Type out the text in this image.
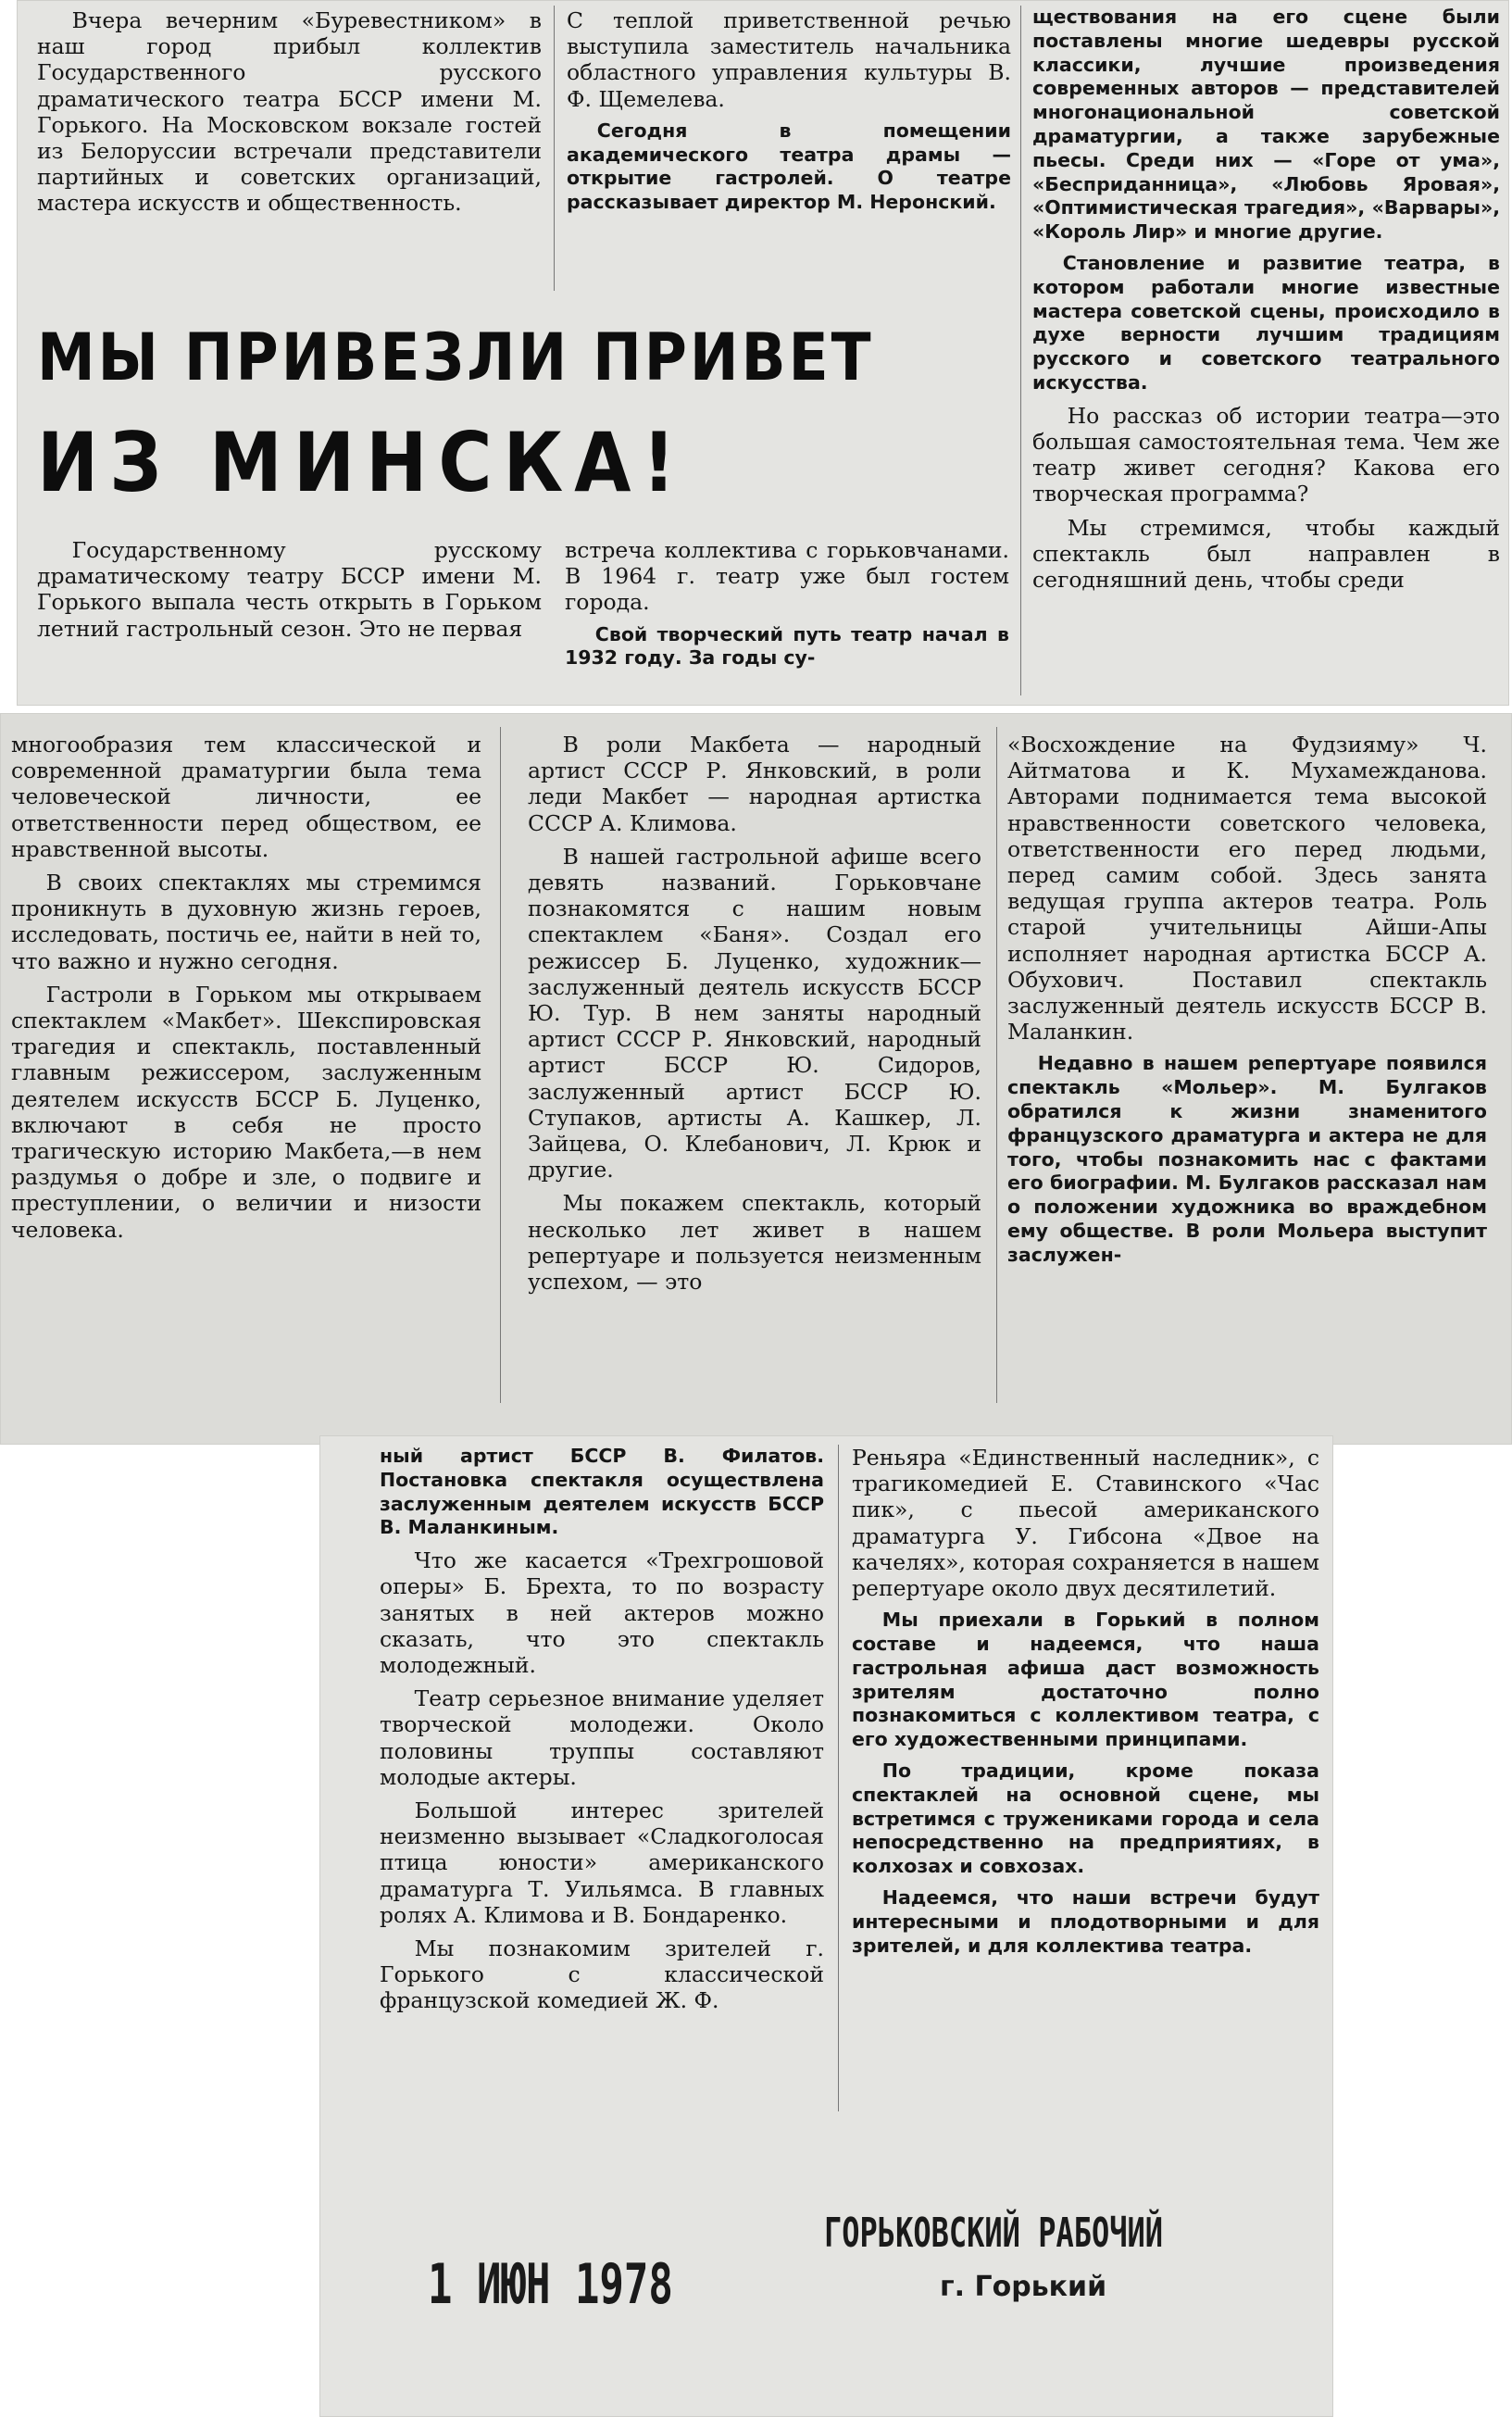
Вчера вечерним «Буревестником» в наш город прибыл коллектив Государственного русского драматического театра БССР имени М. Горького. На Московском вокзале гостей из Белоруссии встречали представители партийных и советских организаций, мастера искусств и общественность.

С теплой приветственной речью выступила заместитель начальника областного управления культуры В. Ф. Щемелева.

Сегодня в помещении академического театра драмы — открытие гастролей. О театре рассказывает директор М. Неронский.

МЫ ПРИВЕЗЛИ ПРИВЕТ
ИЗ МИНСКА!

Государственному русскому драматическому театру БССР имени М. Горького выпала честь открыть в Горьком летний гастрольный сезон. Это не первая

встреча коллектива с горьковчанами. В 1964 г. театр уже был гостем города.

Свой творческий путь театр начал в 1932 году. За годы су-

ществования на его сцене были поставлены многие шедевры русской классики, лучшие произведения современных авторов — представителей многонациональной советской драматургии, а также зарубежные пьесы. Среди них — «Горе от ума», «Бесприданница», «Любовь Яровая», «Оптимистическая трагедия», «Варвары», «Король Лир» и многие другие.

Становление и развитие театра, в котором работали многие известные мастера советской сцены, происходило в духе верности лучшим традициям русского и советского театрального искусства.

Но рассказ об истории театра—это большая самостоятельная тема. Чем же театр живет сегодня? Какова его творческая программа?

Мы стремимся, чтобы каждый спектакль был направлен в сегодняшний день, чтобы среди

многообразия тем классической и современной драматургии была тема человеческой личности, ее ответственности перед обществом, ее нравственной высоты.

В своих спектаклях мы стремимся проникнуть в духовную жизнь героев, исследовать, постичь ее, найти в ней то, что важно и нужно сегодня.

Гастроли в Горьком мы открываем спектаклем «Макбет». Шекспировская трагедия и спектакль, поставленный главным режиссером, заслуженным деятелем искусств БССР Б. Луценко, включают в себя не просто трагическую историю Макбета,—в нем раздумья о добре и зле, о подвиге и преступлении, о величии и низости человека.

В роли Макбета — народный артист СССР Р. Янковский, в роли леди Макбет — народная артистка СССР А. Климова.

В нашей гастрольной афише всего девять названий. Горьковчане познакомятся с нашим новым спектаклем «Баня». Создал его режиссер Б. Луценко, художник—заслуженный деятель искусств БССР Ю. Тур. В нем заняты народный артист СССР Р. Янковский, народный артист БССР Ю. Сидоров, заслуженный артист БССР Ю. Ступаков, артисты А. Кашкер, Л. Зайцева, О. Клебанович, Л. Крюк и другие.

Мы покажем спектакль, который несколько лет живет в нашем репертуаре и пользуется неизменным успехом, — это

«Восхождение на Фудзияму» Ч. Айтматова и К. Мухамеждановa. Авторами поднимается тема высокой нравственности советского человека, ответственности его перед людьми, перед самим собой. Здесь занята ведущая группа актеров театра. Роль старой учительницы Айши-Апы исполняет народная артистка БССР А. Обухович. Поставил спектакль заслуженный деятель искусств БССР В. Маланкин.

Недавно в нашем репертуаре появился спектакль «Мольер». М. Булгаков обратился к жизни знаменитого французского драматурга и актера не для того, чтобы познакомить нас с фактами его биографии. М. Булгаков рассказал нам о положении художника во враждебном ему обществе. В роли Мольера выступит заслужен-

ный артист БССР В. Филатов. Постановка спектакля осуществлена заслуженным деятелем искусств БССР В. Маланкиным.

Что же касается «Трехгрошовой оперы» Б. Брехта, то по возрасту занятых в ней актеров можно сказать, что это спектакль молодежный.

Театр серьезное внимание уделяет творческой молодежи. Около половины труппы составляют молодые актеры.

Большой интерес зрителей неизменно вызывает «Сладкоголосая птица юности» американского драматурга Т. Уильямса. В главных ролях А. Климова и В. Бондаренко.

Мы познакомим зрителей г. Горького с классической французской комедией Ж. Ф.

Реньяра «Единственный наследник», с трагикомедией Е. Ставинского «Час пик», с пьесой американского драматурга У. Гибсона «Двое на качелях», которая сохраняется в нашем репертуаре около двух десятилетий.

Мы приехали в Горький в полном составе и надеемся, что наша гастрольная афиша даст возможность зрителям достаточно полно познакомиться с коллективом театра, с его художественными принципами.

По традиции, кроме показа спектаклей на основной сцене, мы встретимся с тружениками города и села непосредственно на предприятиях, в колхозах и совхозах.

Надеемся, что наши встречи будут интересными и плодотворными и для зрителей, и для коллектива театра.

1 ИЮН 1978
ГОРЬКОВСКИЙ РАБОЧИЙ
г. Горький
